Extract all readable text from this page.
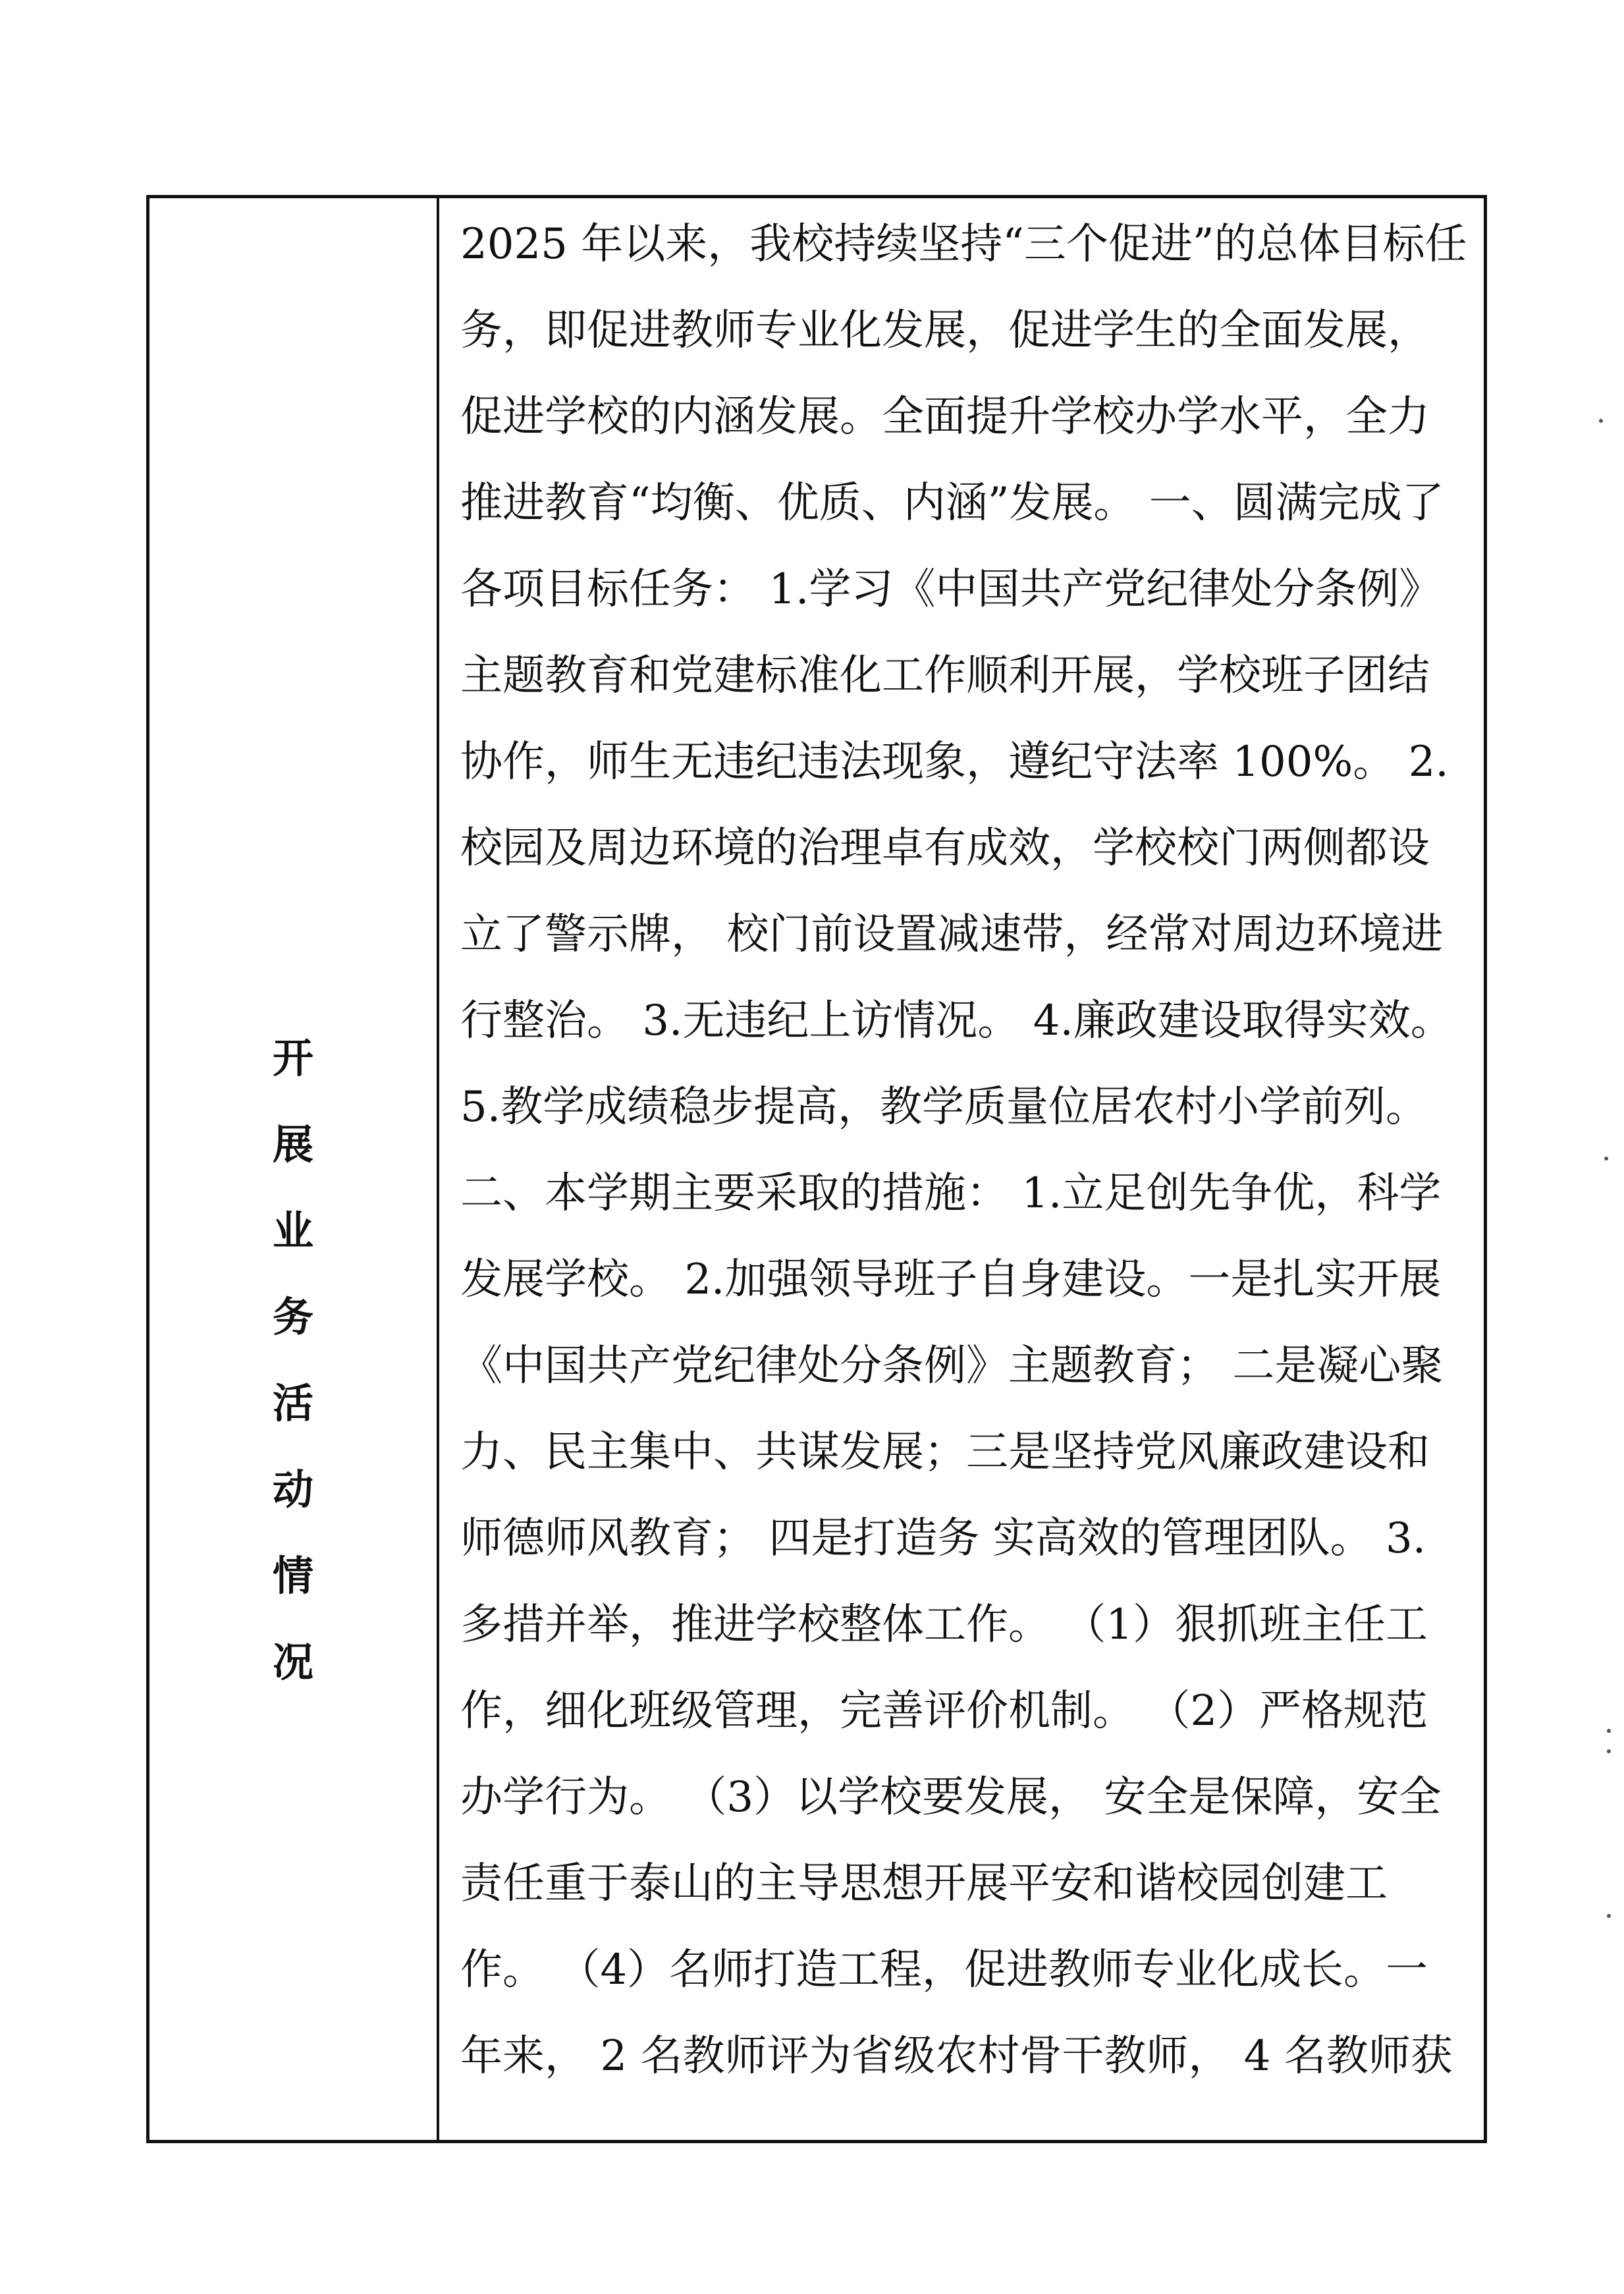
开
展
业
务
活
动
情
况
2025 年以来，我校持续坚持“三个促进”的总体目标任
务，即促进教师专业化发展，促进学生的全面发展，
促进学校的内涵发展。全面提升学校办学水平，全力
推进教育“均衡、优质、内涵”发展。 一、圆满完成了
各项目标任务： 1.学习《中国共产党纪律处分条例》
主题教育和党建标准化工作顺利开展，学校班子团结
协作，师生无违纪违法现象，遵纪守法率 100%。 2.
校园及周边环境的治理卓有成效，学校校门两侧都设
立了警示牌， 校门前设置减速带，经常对周边环境进
行整治。 3.无违纪上访情况。 4.廉政建设取得实效。
5.教学成绩稳步提高，教学质量位居农村小学前列。
二、本学期主要采取的措施： 1.立足创先争优，科学
发展学校。 2.加强领导班子自身建设。一是扎实开展
《中国共产党纪律处分条例》主题教育； 二是凝心聚
力、民主集中、共谋发展；三是坚持党风廉政建设和
师德师风教育； 四是打造务 实高效的管理团队。 3.
多措并举，推进学校整体工作。 （1）狠抓班主任工
作，细化班级管理，完善评价机制。 （2）严格规范
办学行为。 （3）以学校要发展， 安全是保障，安全
责任重于泰山的主导思想开展平安和谐校园创建工
作。 （4）名师打造工程，促进教师专业化成长。一
年来， 2 名教师评为省级农村骨干教师， 4 名教师获
